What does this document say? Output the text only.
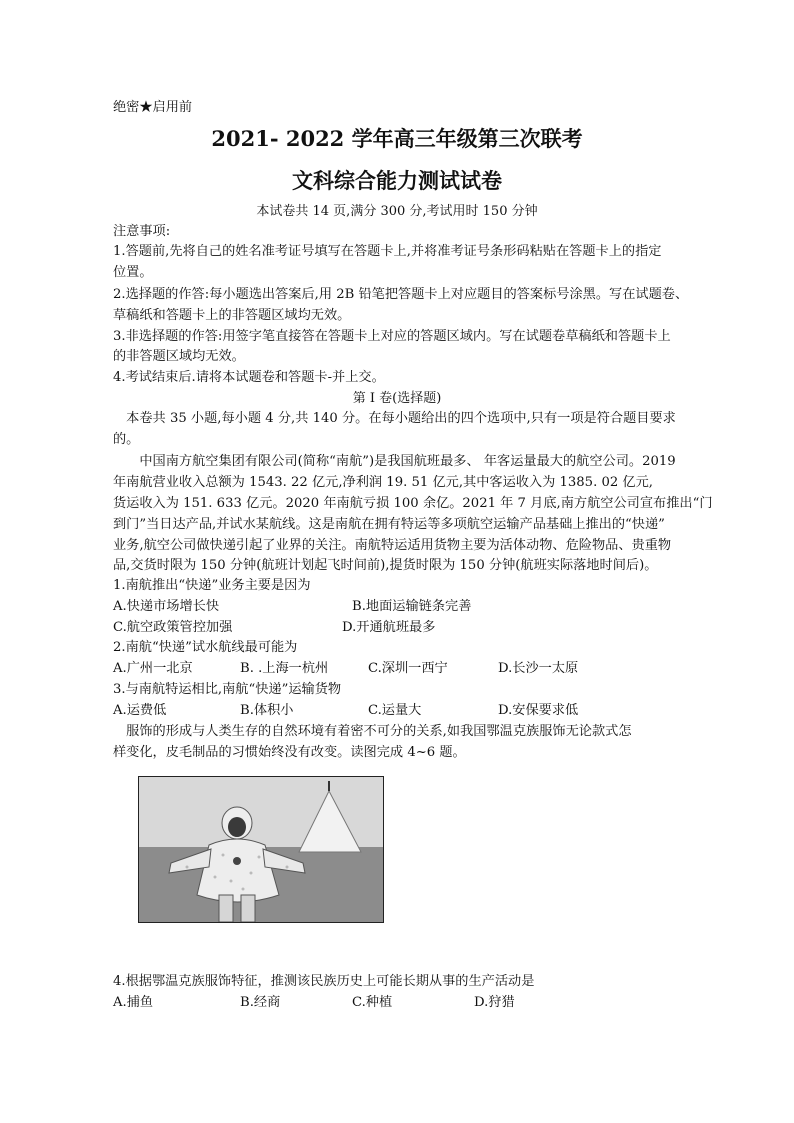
绝密★启用前
2021- 2022 学年高三年级第三次联考
文科综合能力测试试卷
本试卷共 14 页,满分 300 分,考试用时 150 分钟
注意事项:
1.答题前,先将自己的姓名准考证号填写在答题卡上,并将准考证号条形码粘贴在答题卡上的指定
位置。
2.选择题的作答:每小题选出答案后,用 2B 铅笔把答题卡上对应题目的答案标号涂黑。写在试题卷、
草稿纸和答题卡上的非答题区域均无效。
3.非选择题的作答:用签字笔直接答在答题卡上对应的答题区域内。写在试题卷草稿纸和答题卡上
的非答题区域均无效。
4.考试结束后.请将本试题卷和答题卡-并上交。
第 I 卷(选择题)
　本卷共 35 小题,每小题 4 分,共 140 分。在每小题给出的四个选项中,只有一项是符合题目要求
的。
　　中国南方航空集团有限公司(简称“南航”)是我国航班最多、 年客运量最大的航空公司。2019
年南航营业收入总额为 1543. 22 亿元,净利润 19. 51 亿元,其中客运收入为 1385. 02 亿元,
货运收入为 151. 633 亿元。2020 年南航亏损 100 余亿。2021 年 7 月底,南方航空公司宣布推出“门
到门”当日达产品,并试水某航线。这是南航在拥有特运等多项航空运输产品基础上推出的“快递”
业务,航空公司做快递引起了业界的关注。南航特运适用货物主要为活体动物、危险物品、贵重物
品,交货时限为 150 分钟(航班计划起飞时间前),提货时限为 150 分钟(航班实际落地时间后)。
1.南航推出“快递”业务主要是因为
A.快递市场增长快	B.地面运输链条完善
C.航空政策管控加强	D.开通航班最多
2.南航“快递”试水航线最可能为
A.广州一北京	B. .上海一杭州	C.深圳一西宁	D.长沙一太原
3.与南航特运相比,南航“快递”运输货物
A.运费低	B.体积小	C.运量大	D.安保要求低
　服饰的形成与人类生存的自然环境有着密不可分的关系,如我国鄂温克族服饰无论款式怎
样变化，皮毛制品的习惯始终没有改变。读图完成 4~6 题。
4.根据鄂温克族服饰特征，推测该民族历史上可能长期从事的生产活动是
A.捕鱼	B.经商	C.种植	D.狩猎
